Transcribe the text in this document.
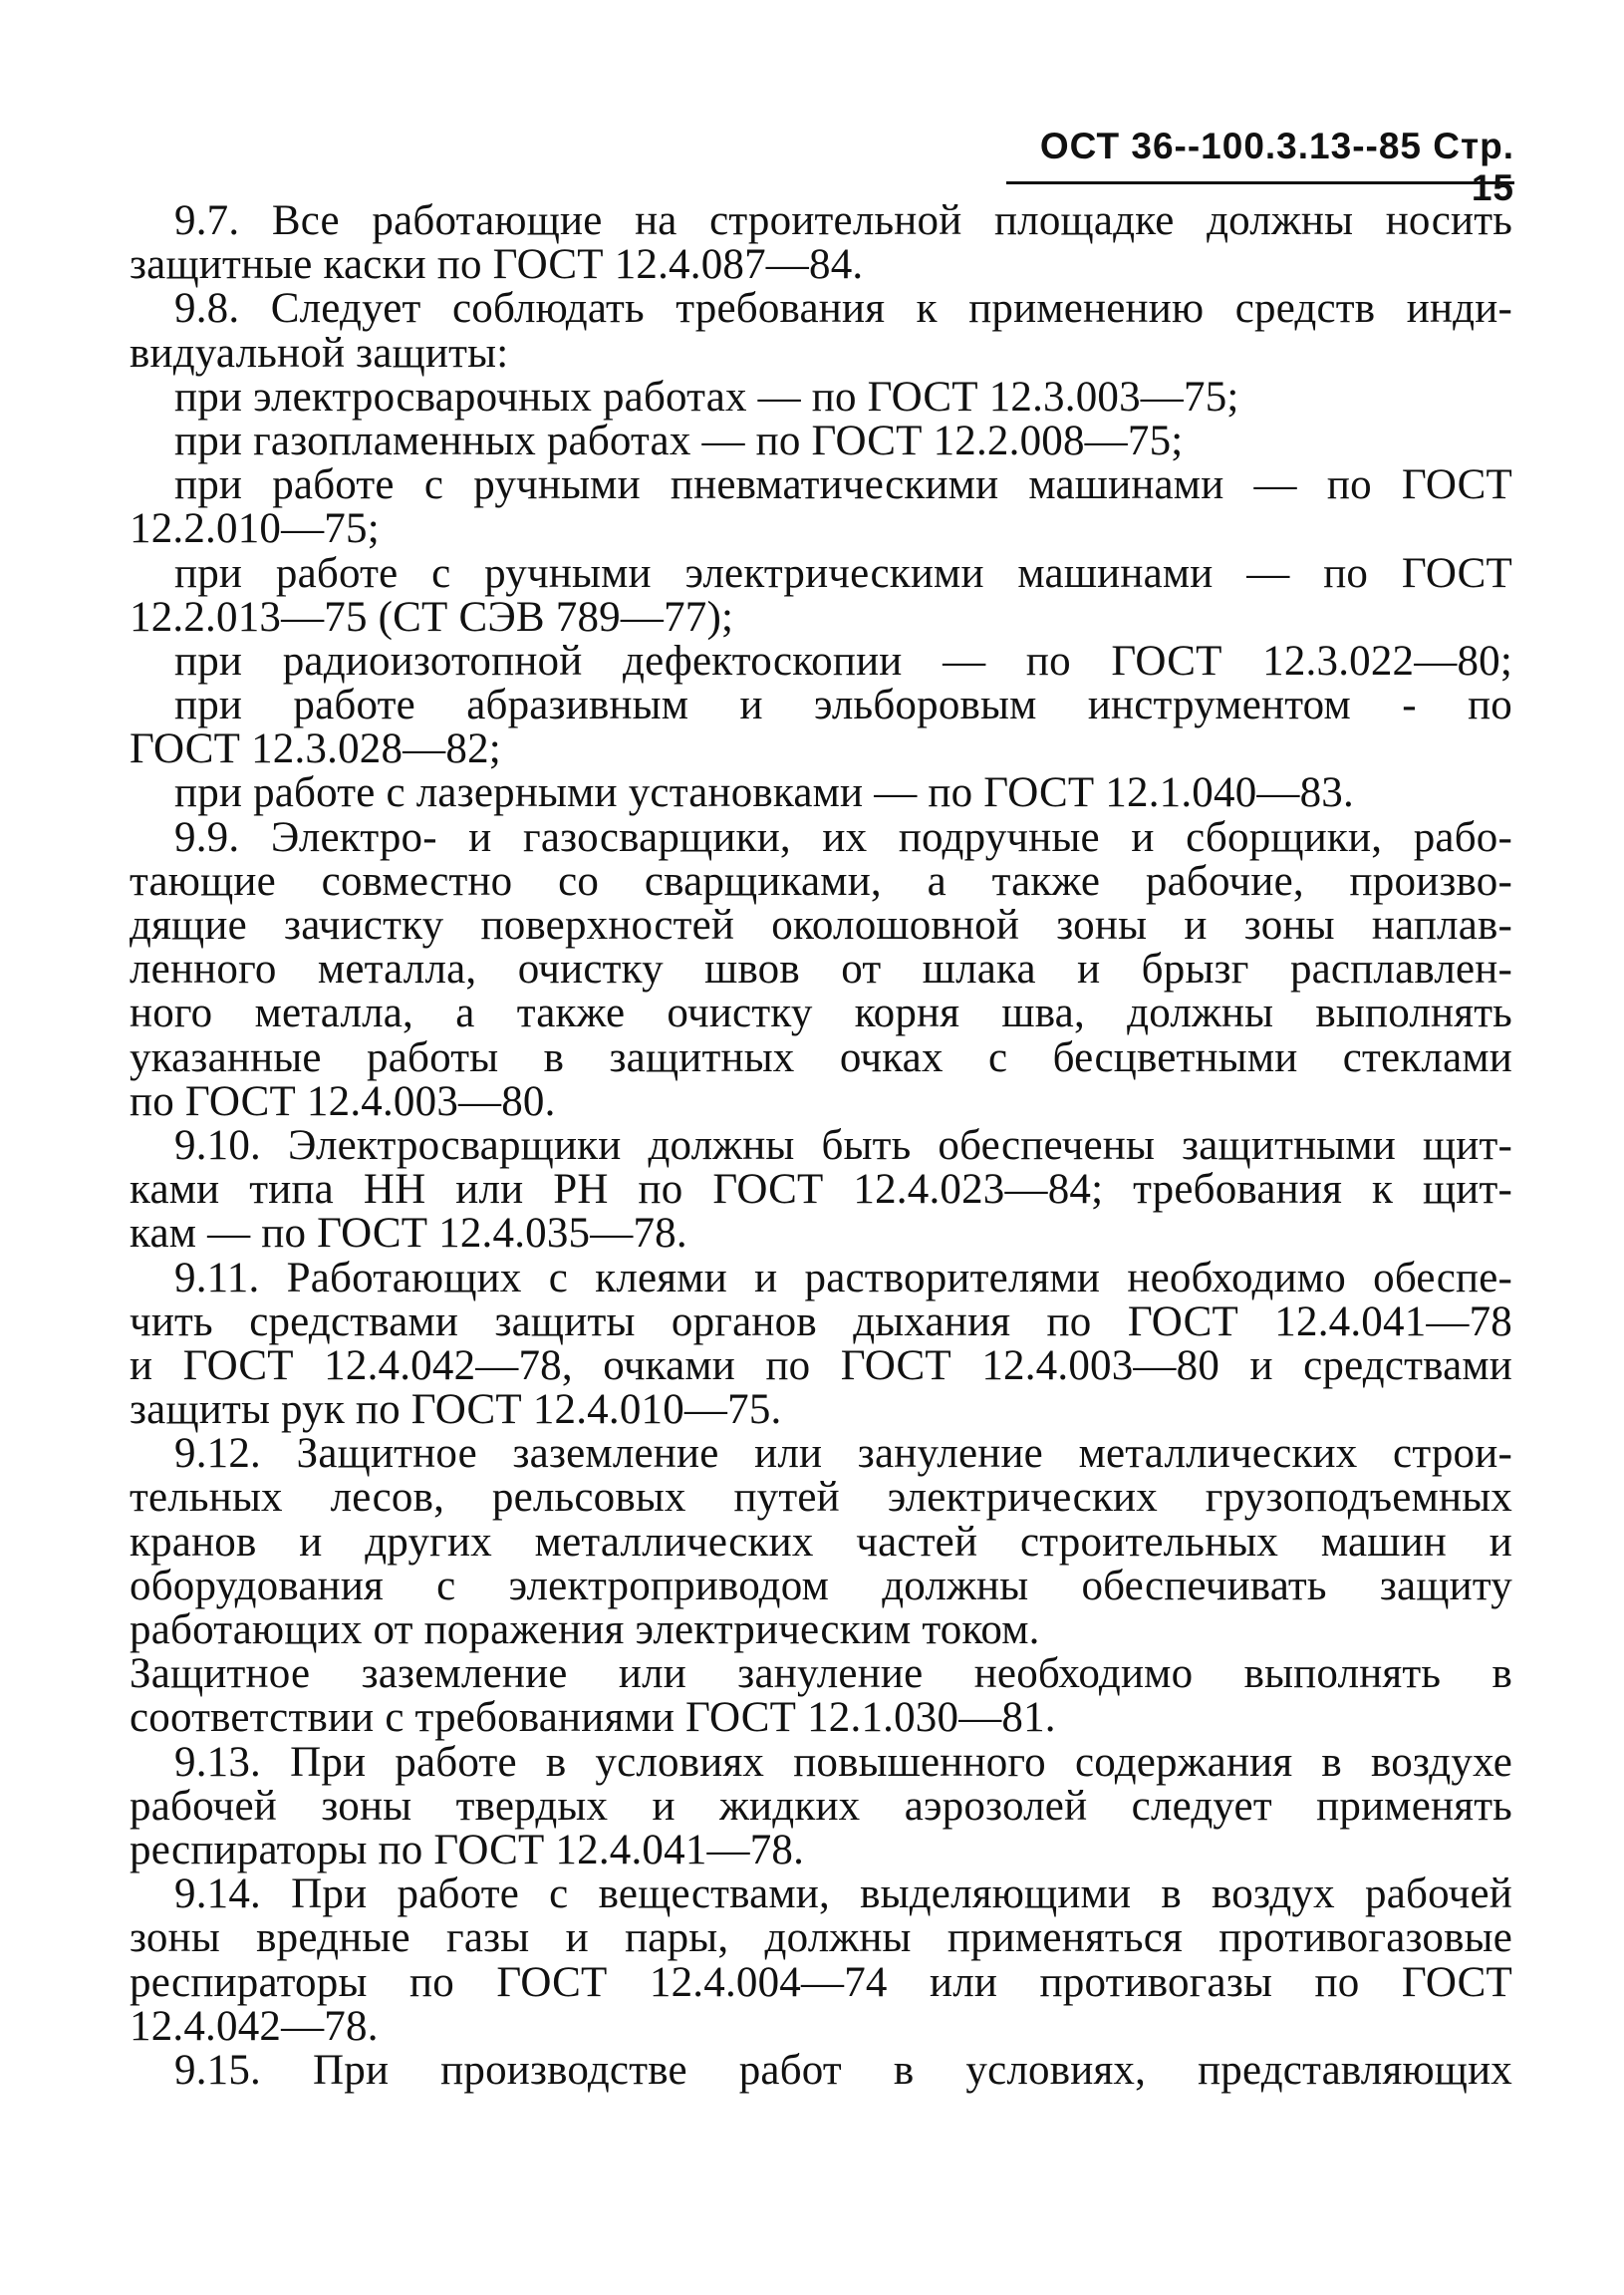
ОСТ 36--100.3.13--85 Стр. 15
9.7. Все работающие на строительной площадке должны носить
защитные каски по ГОСТ 12.4.087—84.
9.8. Следует соблюдать требования к применению средств инди-
видуальной защиты:
при электросварочных работах — по ГОСТ 12.3.003—75;
при газопламенных работах — по ГОСТ 12.2.008—75;
при работе с ручными пневматическими машинами — по ГОСТ
12.2.010—75;
при работе с ручными электрическими машинами — по ГОСТ
12.2.013—75 (СТ СЭВ 789—77);
при радиоизотопной дефектоскопии — по ГОСТ 12.3.022—80;
при работе абразивным и эльборовым инструментом - по
ГОСТ 12.3.028—82;
при работе с лазерными установками — по ГОСТ 12.1.040—83.
9.9. Электро- и газосварщики, их подручные и сборщики, рабо-
тающие совместно со сварщиками, а также рабочие, произво-
дящие зачистку поверхностей околошовной зоны и зоны наплав-
ленного металла, очистку швов от шлака и брызг расплавлен-
ного металла, а также очистку корня шва, должны выполнять
указанные работы в защитных очках с бесцветными стеклами
по ГОСТ 12.4.003—80.
9.10. Электросварщики должны быть обеспечены защитными щит-
ками типа НН или РН по ГОСТ 12.4.023—84; требования к щит-
кам — по ГОСТ 12.4.035—78.
9.11. Работающих с клеями и растворителями необходимо обеспе-
чить средствами защиты органов дыхания по ГОСТ 12.4.041—78
и ГОСТ 12.4.042—78, очками по ГОСТ 12.4.003—80 и средствами
защиты рук по ГОСТ 12.4.010—75.
9.12. Защитное заземление или зануление металлических строи-
тельных лесов, рельсовых путей электрических грузоподъемных
кранов и других металлических частей строительных машин и
оборудования с электроприводом должны обеспечивать защиту
работающих от поражения электрическим током.
Защитное заземление или зануление необходимо выполнять в
соответствии с требованиями ГОСТ 12.1.030—81.
9.13. При работе в условиях повышенного содержания в воздухе
рабочей зоны твердых и жидких аэрозолей следует применять
респираторы по ГОСТ 12.4.041—78.
9.14. При работе с веществами, выделяющими в воздух рабочей
зоны вредные газы и пары, должны применяться противогазовые
респираторы по ГОСТ 12.4.004—74 или противогазы по ГОСТ
12.4.042—78.
9.15. При производстве работ в условиях, представляющих
